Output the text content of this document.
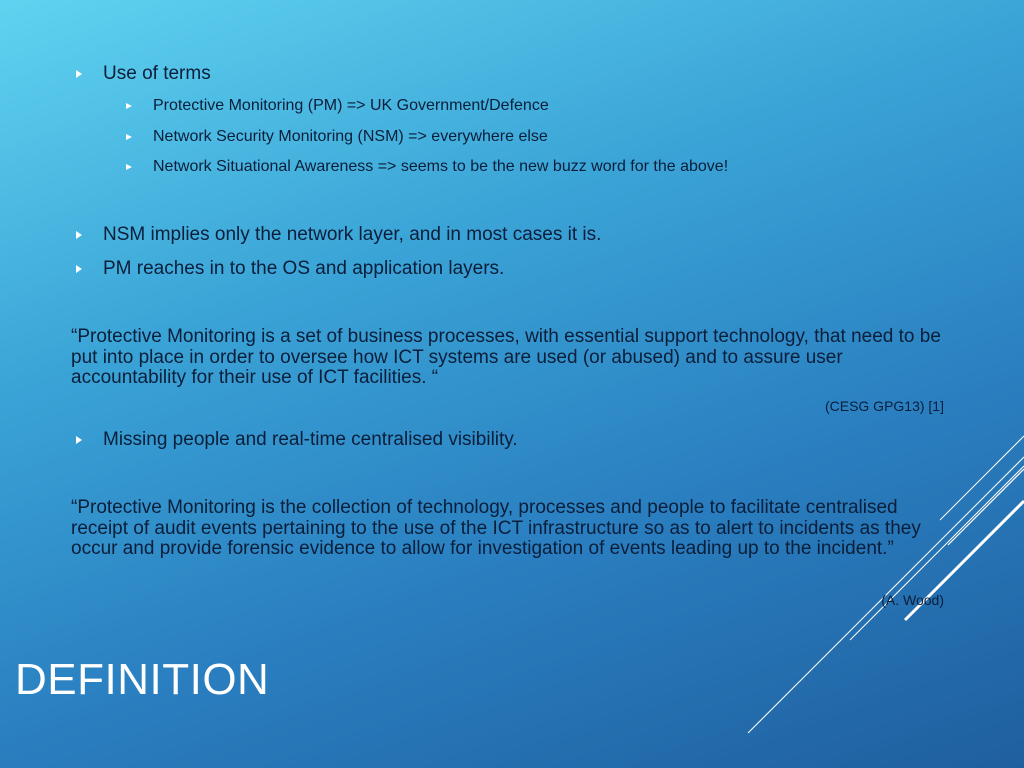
Use of terms
Protective Monitoring (PM) => UK Government/Defence
Network Security Monitoring (NSM) => everywhere else
Network Situational Awareness => seems to be the new buzz word for the above!
NSM implies only the network layer, and in most cases it is.
PM reaches in to the OS and application layers.
“Protective Monitoring is a set of business processes, with essential support technology, that need to be put into place in order to oversee how ICT systems are used (or abused) and to assure user accountability for their use of ICT facilities. “
(CESG GPG13) [1]
Missing people and real-time centralised visibility.
“Protective Monitoring is the collection of technology, processes and people to facilitate centralised receipt of audit events pertaining to the use of the ICT infrastructure so as to alert to incidents as they occur and provide forensic evidence to allow for investigation of events leading up to the incident.”
(A. Wood)
DEFINITION
